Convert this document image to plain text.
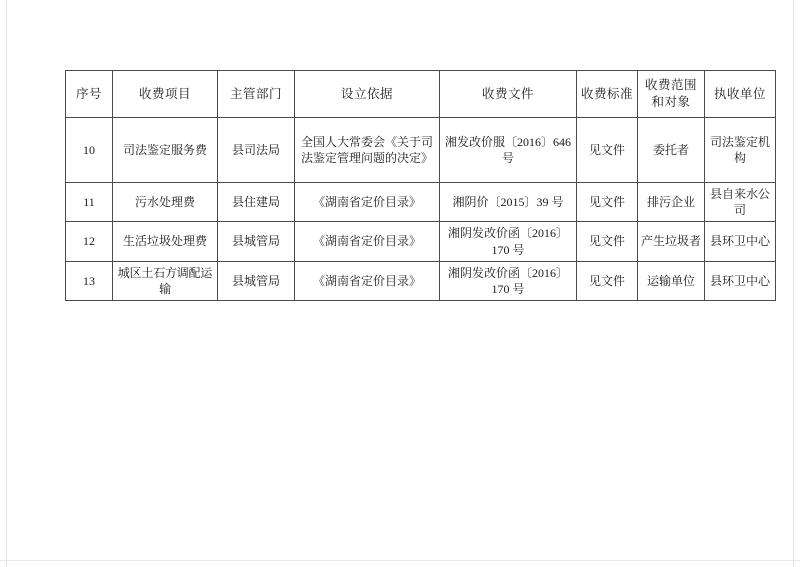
序号	收费项目	主管部门	设立依据	收费文件	收费标准	收费范围和对象	执收单位
10	司法鉴定服务费	县司法局	全国人大常委会《关于司法鉴定管理问题的决定》	湘发改价服〔2016〕646 号	见文件	委托者	司法鉴定机构
11	污水处理费	县住建局	《湖南省定价目录》	湘阴价〔2015〕39 号	见文件	排污企业	县自来水公司
12	生活垃圾处理费	县城管局	《湖南省定价目录》	湘阴发改价函〔2016〕170 号	见文件	产生垃圾者	县环卫中心
13	城区土石方调配运输	县城管局	《湖南省定价目录》	湘阴发改价函〔2016〕170 号	见文件	运输单位	县环卫中心
